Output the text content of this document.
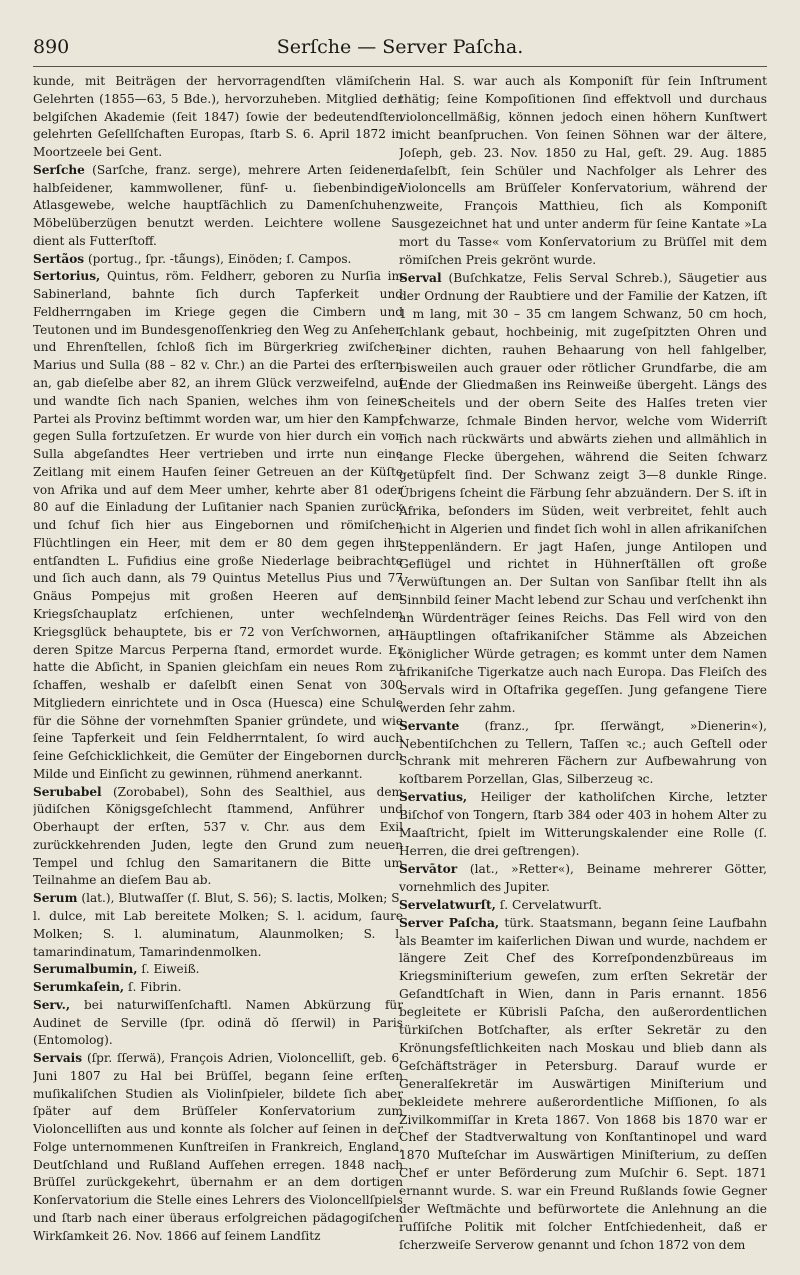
890	Serſche — Server Paſcha.

kunde, mit Beiträgen der hervorragendſten vlämiſchen Gelehrten (1855—63, 5 Bde.), hervorzuheben. Mitglied der belgiſchen Akademie (ſeit 1847) ſowie der bedeutendſten gelehrten Geſellſchaften Europas, ſtarb S. 6. April 1872 in Moortzeele bei Gent.

Serſche (Sarſche, franz. serge), mehrere Arten ſeidener, halbſeidener, kammwollener, fünf- u. ſiebenbindiger Atlasgewebe, welche hauptſächlich zu Damenſchuhen, Möbelüberzügen benutzt werden. Leichtere wollene S. dient als Futterſtoff.

Sertãos (portug., ſpr. -tä̃ungs), Einöden; ſ. Campos.

Sertorius, Quintus, röm. Feldherr, geboren zu Nurſia im Sabinerland, bahnte ſich durch Tapferkeit und Feldherrngaben im Kriege gegen die Cimbern und Teutonen und im Bundesgenoſſenkrieg den Weg zu Anſehen und Ehrenſtellen, ſchloß ſich im Bürgerkrieg zwiſchen Marius und Sulla (88 – 82 v. Chr.) an die Partei des erſtern an, gab dieſelbe aber 82, an ihrem Glück verzweifelnd, auf und wandte ſich nach Spanien, welches ihm von ſeiner Partei als Provinz beſtimmt worden war, um hier den Kampf gegen Sulla fortzuſetzen. Er wurde von hier durch ein von Sulla abgeſandtes Heer vertrieben und irrte nun eine Zeitlang mit einem Haufen ſeiner Getreuen an der Küſte von Afrika und auf dem Meer umher, kehrte aber 81 oder 80 auf die Einladung der Luſitanier nach Spanien zurück und ſchuf ſich hier aus Eingebornen und römiſchen Flüchtlingen ein Heer, mit dem er 80 dem gegen ihn entſandten L. Fufidius eine große Niederlage beibrachte und ſich auch dann, als 79 Quintus Metellus Pius und 77 Gnäus Pompejus mit großen Heeren auf dem Kriegsſchauplatz erſchienen, unter wechſelndem Kriegsglück behauptete, bis er 72 von Verſchwornen, an deren Spitze Marcus Perperna ſtand, ermordet wurde. Er hatte die Abſicht, in Spanien gleichſam ein neues Rom zu ſchaffen, weshalb er daſelbſt einen Senat von 300 Mitgliedern einrichtete und in Osca (Huesca) eine Schule für die Söhne der vornehmſten Spanier gründete, und wie ſeine Tapferkeit und ſein Feldherrntalent, ſo wird auch ſeine Geſchicklichkeit, die Gemüter der Eingebornen durch Milde und Einſicht zu gewinnen, rühmend anerkannt.

Serubabel (Zorobabel), Sohn des Sealthiel, aus dem jüdiſchen Königsgeſchlecht ſtammend, Anführer und Oberhaupt der erſten, 537 v. Chr. aus dem Exil zurückkehrenden Juden, legte den Grund zum neuen Tempel und ſchlug den Samaritanern die Bitte um Teilnahme an dieſem Bau ab.

Serum (lat.), Blutwaſſer (ſ. Blut, S. 56); S. lactis, Molken; S. l. dulce, mit Lab bereitete Molken; S. l. acidum, ſaure Molken; S. l. aluminatum, Alaunmolken; S. l. tamarindinatum, Tamarindenmolken.

Serumalbumin, ſ. Eiweiß.

Serumkaſein, ſ. Fibrin.

Serv., bei naturwiſſenſchaftl. Namen Abkürzung für Audinet de Serville (ſpr. odinä dŏ ſſerwil) in Paris (Entomolog).

Servais (ſpr. ſſerwä), François Adrien, Violoncelliſt, geb. 6. Juni 1807 zu Hal bei Brüſſel, begann ſeine erſten muſikaliſchen Studien als Violinſpieler, bildete ſich aber ſpäter auf dem Brüſſeler Konſervatorium zum Violoncelliſten aus und konnte als ſolcher auf ſeinen in der Folge unternommenen Kunſtreiſen in Frankreich, England, Deutſchland und Rußland Aufſehen erregen. 1848 nach Brüſſel zurückgekehrt, übernahm er an dem dortigen Konſervatorium die Stelle eines Lehrers des Violoncellſpiels und ſtarb nach einer überaus erfolgreichen pädagogiſchen Wirkſamkeit 26. Nov. 1866 auf ſeinem Landſitz

in Hal. S. war auch als Komponiſt für ſein Inſtrument thätig; ſeine Kompoſitionen ſind effektvoll und durchaus violoncellmäßig, können jedoch einen höhern Kunſtwert nicht beanſpruchen. Von ſeinen Söhnen war der ältere, Joſeph, geb. 23. Nov. 1850 zu Hal, geſt. 29. Aug. 1885 daſelbſt, ſein Schüler und Nachfolger als Lehrer des Violoncells am Brüſſeler Konſervatorium, während der zweite, François Matthieu, ſich als Komponiſt ausgezeichnet hat und unter anderm für ſeine Kantate »La mort du Tasse« vom Konſervatorium zu Brüſſel mit dem römiſchen Preis gekrönt wurde.

Serval (Buſchkatze, Felis Serval Schreb.), Säugetier aus der Ordnung der Raubtiere und der Familie der Katzen, iſt 1 m lang, mit 30 – 35 cm langem Schwanz, 50 cm hoch, ſchlank gebaut, hochbeinig, mit zugeſpitzten Ohren und einer dichten, rauhen Behaarung von hell fahlgelber, bisweilen auch grauer oder rötlicher Grundfarbe, die am Ende der Gliedmaßen ins Reinweiße übergeht. Längs des Scheitels und der obern Seite des Halſes treten vier ſchwarze, ſchmale Binden hervor, welche vom Widerriſt ſich nach rückwärts und abwärts ziehen und allmählich in lange Flecke übergehen, während die Seiten ſchwarz getüpfelt ſind. Der Schwanz zeigt 3—8 dunkle Ringe. Übrigens ſcheint die Färbung ſehr abzuändern. Der S. iſt in Afrika, beſonders im Süden, weit verbreitet, fehlt auch nicht in Algerien und findet ſich wohl in allen afrikaniſchen Steppenländern. Er jagt Haſen, junge Antilopen und Geflügel und richtet in Hühnerſtällen oft große Verwüſtungen an. Der Sultan von Sanſibar ſtellt ihn als Sinnbild ſeiner Macht lebend zur Schau und verſchenkt ihn an Würdenträger ſeines Reichs. Das Fell wird von den Häuptlingen oſtafrikaniſcher Stämme als Abzeichen königlicher Würde getragen; es kommt unter dem Namen afrikaniſche Tigerkatze auch nach Europa. Das Fleiſch des Servals wird in Oſtafrika gegeſſen. Jung gefangene Tiere werden ſehr zahm.

Servante (franz., ſpr. ſſerwängt, »Dienerin«), Nebentiſchchen zu Tellern, Taſſen ꝛc.; auch Geſtell oder Schrank mit mehreren Fächern zur Aufbewahrung von koſtbarem Porzellan, Glas, Silberzeug ꝛc.

Servatius, Heiliger der katholiſchen Kirche, letzter Biſchof von Tongern, ſtarb 384 oder 403 in hohem Alter zu Maaſtricht, ſpielt im Witterungskalender eine Rolle (ſ. Herren, die drei geſtrengen).

Servātor (lat., »Retter«), Beiname mehrerer Götter, vornehmlich des Jupiter.

Servelatwurſt, ſ. Cervelatwurſt.

Server Paſcha, türk. Staatsmann, begann ſeine Laufbahn als Beamter im kaiſerlichen Diwan und wurde, nachdem er längere Zeit Chef des Korreſpondenzbüreaus im Kriegsminiſterium geweſen, zum erſten Sekretär der Geſandtſchaft in Wien, dann in Paris ernannt. 1856 begleitete er Kübrisli Paſcha, den außerordentlichen türkiſchen Botſchafter, als erſter Sekretär zu den Krönungsfeſtlichkeiten nach Moskau und blieb dann als Geſchäftsträger in Petersburg. Darauf wurde er Generalſekretär im Auswärtigen Miniſterium und bekleidete mehrere außerordentliche Miſſionen, ſo als Zivilkommiſſar in Kreta 1867. Von 1868 bis 1870 war er Chef der Stadtverwaltung von Konſtantinopel und ward 1870 Muſteſchar im Auswärtigen Miniſterium, zu deſſen Chef er unter Beförderung zum Muſchir 6. Sept. 1871 ernannt wurde. S. war ein Freund Rußlands ſowie Gegner der Weſtmächte und befürwortete die Anlehnung an die ruſſiſche Politik mit ſolcher Entſchiedenheit, daß er ſcherzweiſe Serverow genannt und ſchon 1872 von dem
